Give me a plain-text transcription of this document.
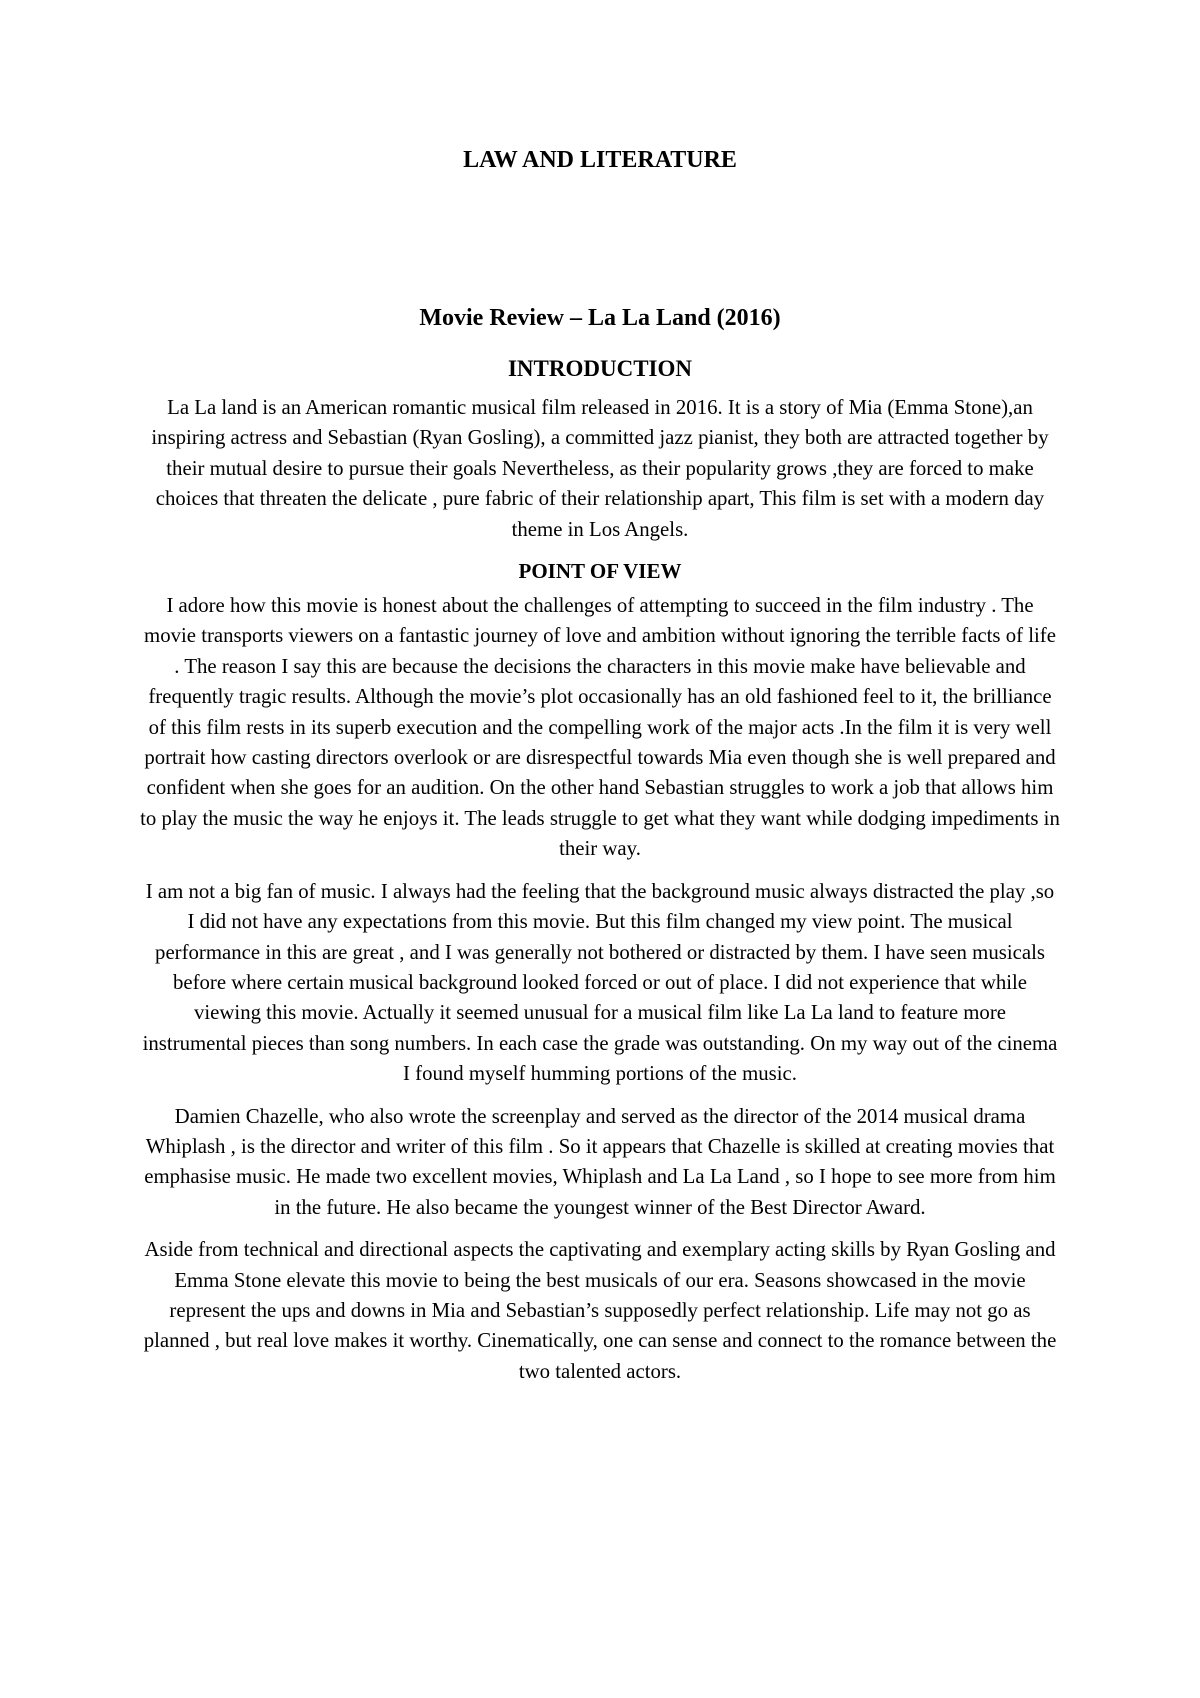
LAW AND LITERATURE
Movie Review – La La Land (2016)
INTRODUCTION

La La land is an American romantic musical film released in 2016. It is a story of Mia (Emma Stone),an inspiring actress and Sebastian (Ryan Gosling), a committed jazz pianist, they both are attracted together by their mutual desire to pursue their goals Nevertheless, as their popularity grows ,they are forced to make choices that threaten the delicate , pure fabric of their relationship apart, This film is set with a modern day theme in Los Angels.

POINT OF VIEW

I adore how this movie is honest about the challenges of attempting to succeed in the film industry . The movie transports viewers on a fantastic journey of love and ambition without ignoring the terrible facts of life . The reason I say this are because the decisions the characters in this movie make have believable and frequently tragic results. Although the movie’s plot occasionally has an old fashioned feel to it, the brilliance of this film rests in its superb execution and the compelling work of the major acts .In the film it is very well portrait how casting directors overlook or are disrespectful towards Mia even though she is well prepared and confident when she goes for an audition. On the other hand Sebastian struggles to work a job that allows him to play the music the way he enjoys it. The leads struggle to get what they want while dodging impediments in their way.

I am not a big fan of music. I always had the feeling that the background music always distracted the play ,so I did not have any expectations from this movie. But this film changed my view point. The musical performance in this are great , and I was generally not bothered or distracted by them. I have seen musicals before where certain musical background looked forced or out of place. I did not experience that while viewing this movie. Actually it seemed unusual for a musical film like La La land to feature more instrumental pieces than song numbers. In each case the grade was outstanding. On my way out of the cinema I found myself humming portions of the music.

Damien Chazelle, who also wrote the screenplay and served as the director of the 2014 musical drama Whiplash , is the director and writer of this film . So it appears that Chazelle is skilled at creating movies that emphasise music. He made two excellent movies, Whiplash and La La Land , so I hope to see more from him in the future. He also became the youngest winner of the Best Director Award.

Aside from technical and directional aspects the captivating and exemplary acting skills by Ryan Gosling and Emma Stone elevate this movie to being the best musicals of our era. Seasons showcased in the movie represent the ups and downs in Mia and Sebastian’s supposedly perfect relationship. Life may not go as planned , but real love makes it worthy. Cinematically, one can sense and connect to the romance between the two talented actors.
